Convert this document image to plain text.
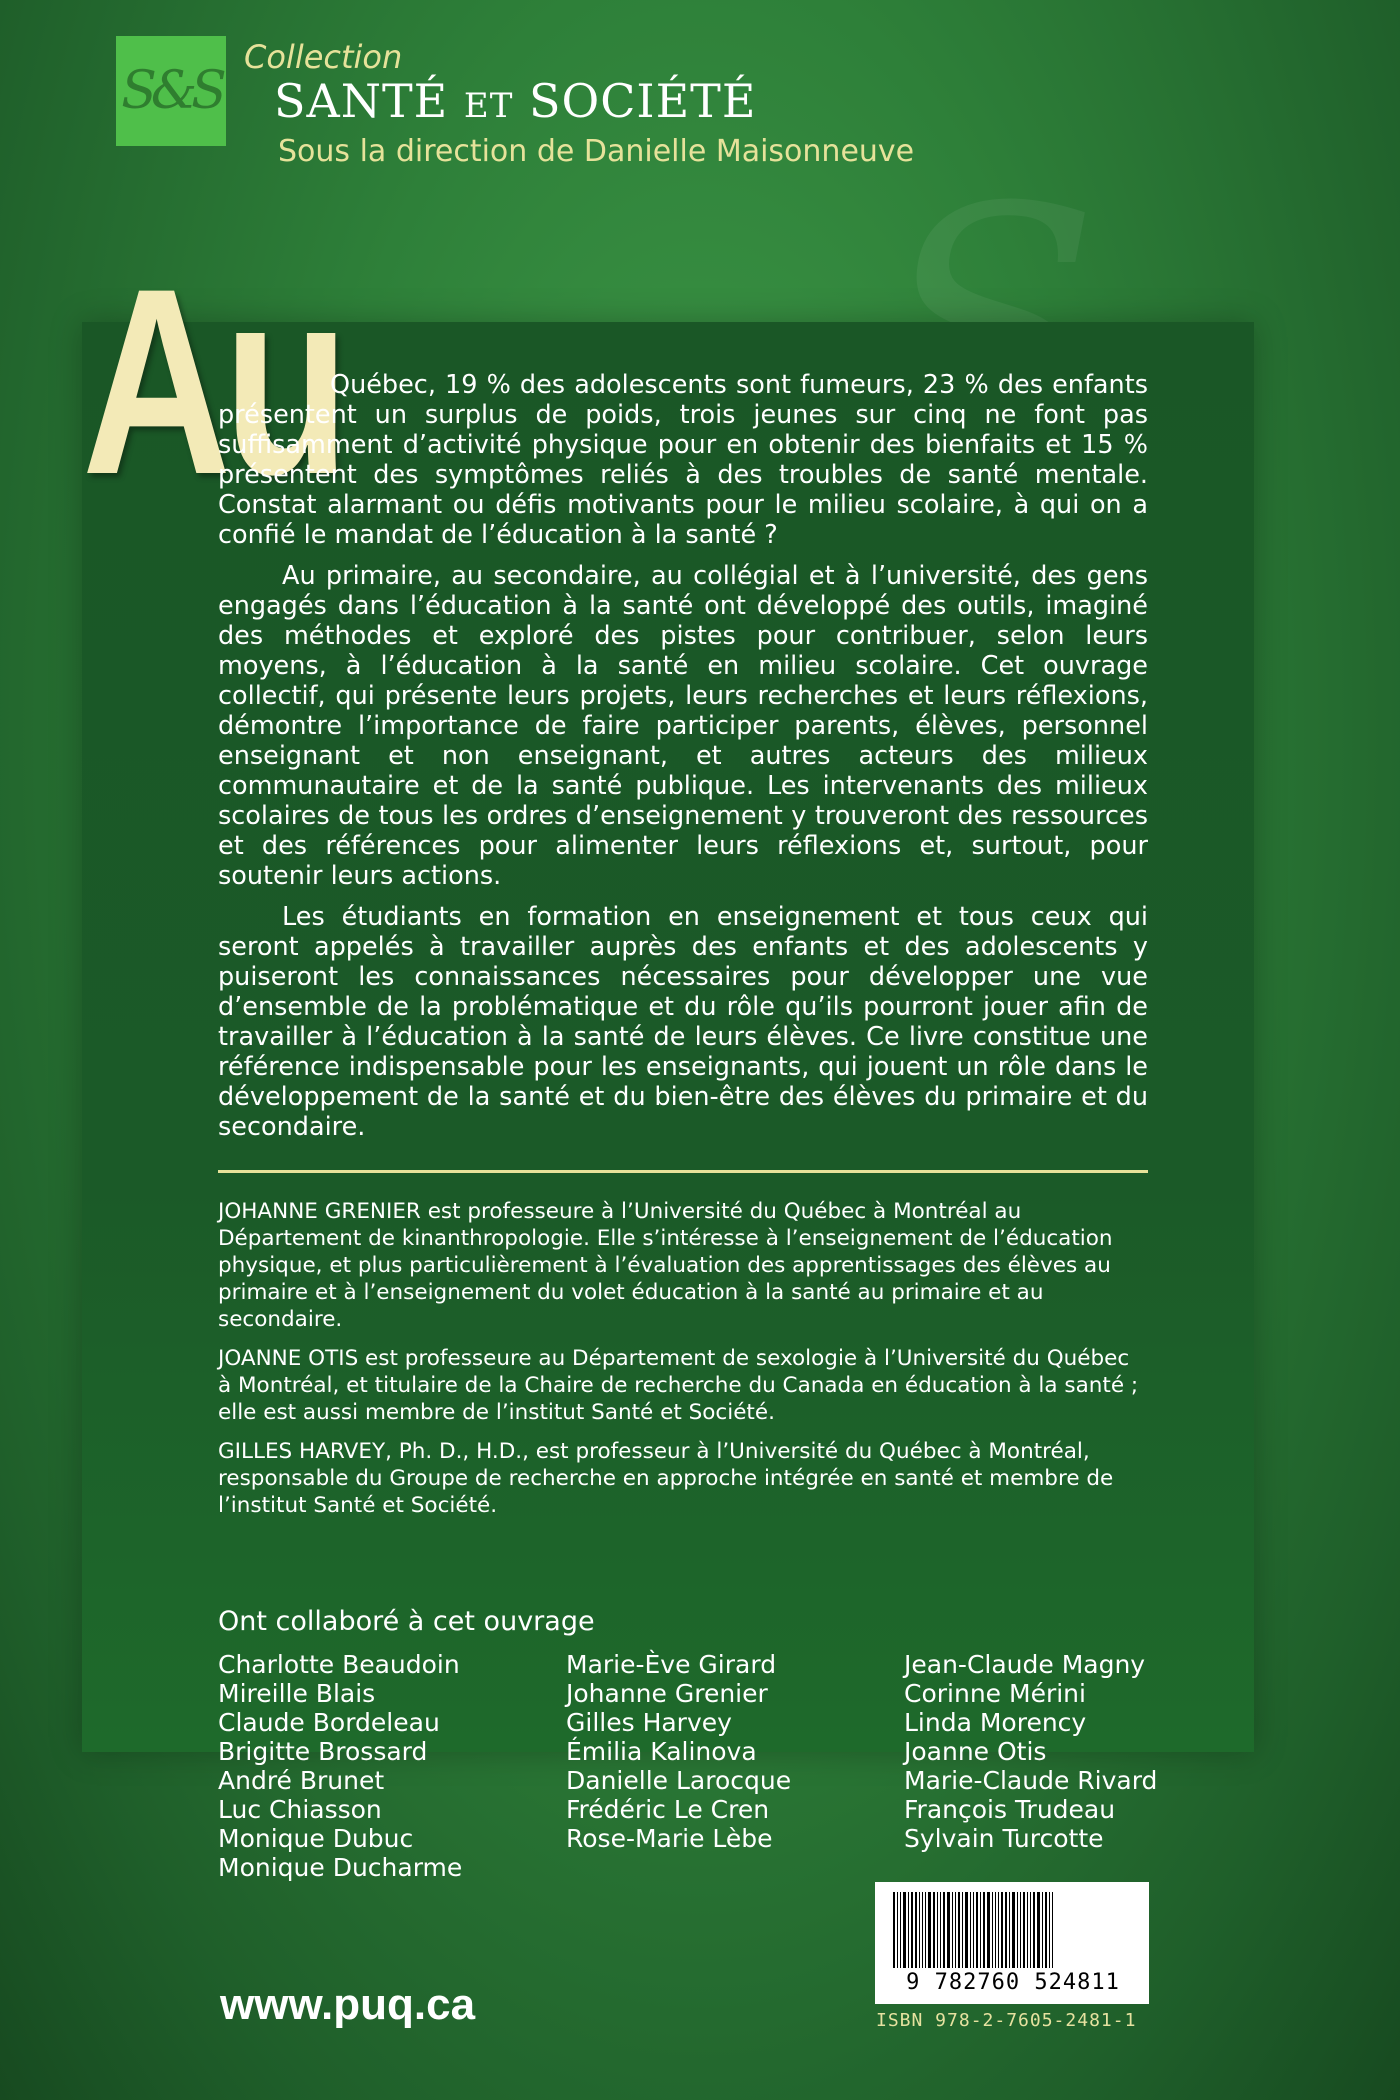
S&S
Collection
SANTÉ ET SOCIÉTÉ
Sous la direction de Danielle Maisonneuve
Au

Québec, 19 % des adolescents sont fumeurs, 23 % des enfants présentent un surplus de poids, trois jeunes sur cinq ne font pas suffisamment d’activité physique pour en obtenir des bienfaits et 15 % présentent des symptômes reliés à des troubles de santé mentale. Constat alarmant ou défis motivants pour le milieu scolaire, à qui on a confié le mandat de l’éducation à la santé ?

Au primaire, au secondaire, au collégial et à l’université, des gens engagés dans l’éducation à la santé ont développé des outils, imaginé des méthodes et exploré des pistes pour contribuer, selon leurs moyens, à l’éducation à la santé en milieu scolaire. Cet ouvrage collectif, qui présente leurs projets, leurs recherches et leurs réflexions, démontre l’importance de faire participer parents, élèves, personnel enseignant et non enseignant, et autres acteurs des milieux communautaire et de la santé publique. Les intervenants des milieux scolaires de tous les ordres d’enseignement y trouveront des ressources et des références pour alimenter leurs réflexions et, surtout, pour soutenir leurs actions.

Les étudiants en formation en enseignement et tous ceux qui seront appelés à travailler auprès des enfants et des adolescents y puiseront les connaissances nécessaires pour développer une vue d’ensemble de la problématique et du rôle qu’ils pourront jouer afin de travailler à l’éducation à la santé de leurs élèves. Ce livre constitue une référence indispensable pour les enseignants, qui jouent un rôle dans le développement de la santé et du bien-être des élèves du primaire et du secondaire.

JOHANNE GRENIER est professeure à l’Université du Québec à Montréal au Département de kinanthropologie. Elle s’intéresse à l’enseignement de l’éducation physique, et plus particulièrement à l’évaluation des apprentissages des élèves au primaire et à l’enseignement du volet éducation à la santé au primaire et au secondaire.

JOANNE OTIS est professeure au Département de sexologie à l’Université du Québec à Montréal, et titulaire de la Chaire de recherche du Canada en éducation à la santé ; elle est aussi membre de l’institut Santé et Société.

GILLES HARVEY, Ph. D., H.D., est professeur à l’Université du Québec à Montréal, responsable du Groupe de recherche en approche intégrée en santé et membre de l’institut Santé et Société.

Ont collaboré à cet ouvrage
Charlotte Beaudoin
Mireille Blais
Claude Bordeleau
Brigitte Brossard
André Brunet
Luc Chiasson
Monique Dubuc
Monique Ducharme
Marie-Ève Girard
Johanne Grenier
Gilles Harvey
Émilia Kalinova
Danielle Larocque
Frédéric Le Cren
Rose-Marie Lèbe
Jean-Claude Magny
Corinne Mérini
Linda Morency
Joanne Otis
Marie-Claude Rivard
François Trudeau
Sylvain Turcotte
www.puq.ca	9 782760 524811
ISBN 978-2-7605-2481-1
